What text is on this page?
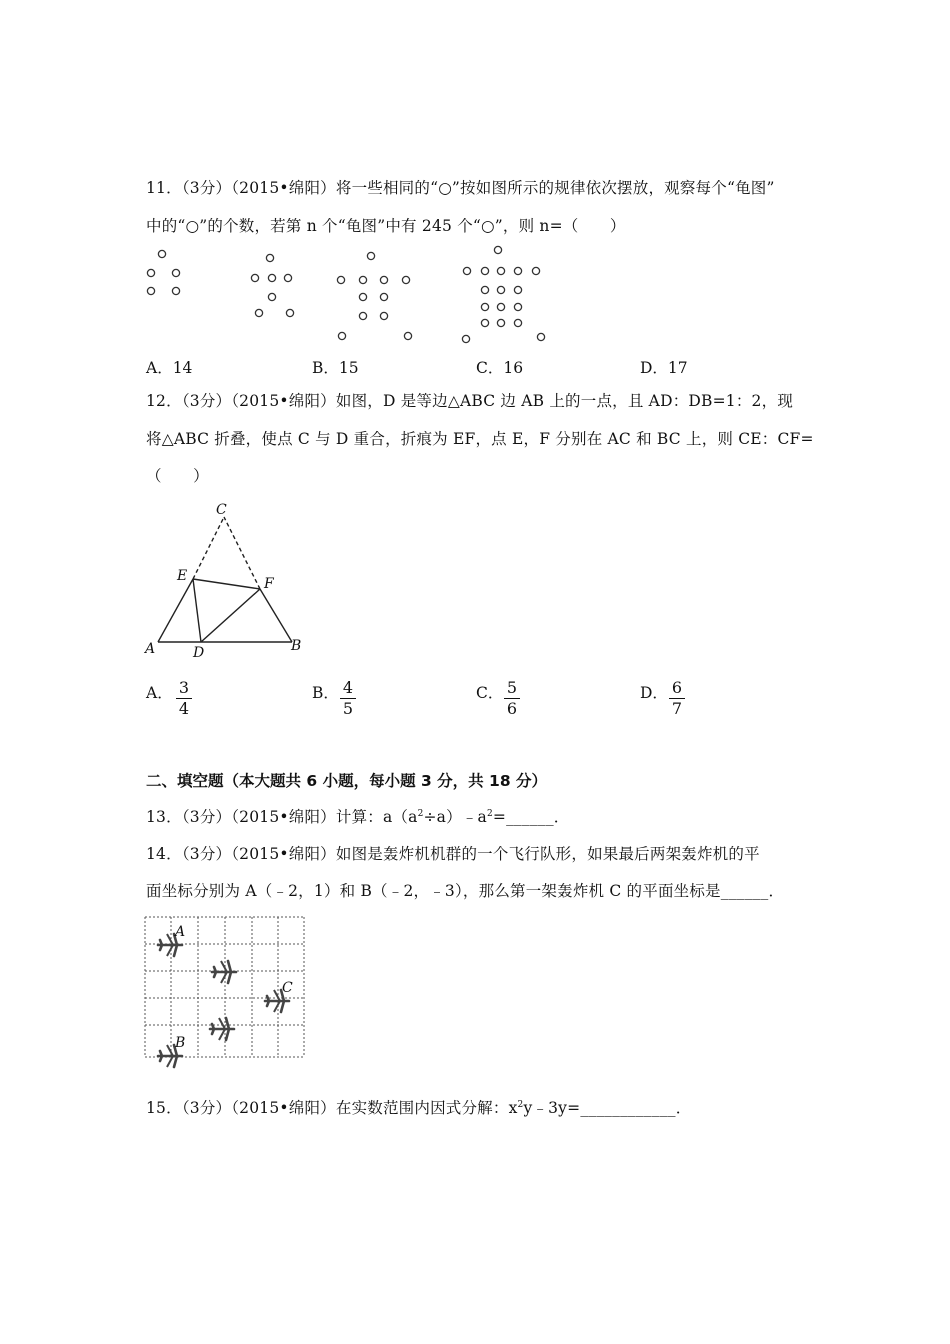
11．（3分）（2015•绵阳）将一些相同的“○”按如图所示的规律依次摆放，观察每个“龟图”
中的“○”的个数，若第 n 个“龟图”中有 245 个“○”，则 n=（　　）
A．14	B．15	C．16	D．17
12．（3分）（2015•绵阳）如图，D 是等边△ABC 边 AB 上的一点，且 AD：DB=1：2，现
将△ABC 折叠，使点 C 与 D 重合，折痕为 EF，点 E，F 分别在 AC 和 BC 上，则 CE：CF=
（　　）
C
E	F
A	D	B
A． 3
4
B． 4
5
C． 5
6
D． 6
7
二、填空题（本大题共 6 小题，每小题 3 分，共 18 分）
13．（3分）（2015•绵阳）计算：$a(a^2\div a)﹣a^2=\_\_\_\_\_\_$．
14．（3分）（2015•绵阳）如图是轰炸机机群的一个飞行队形，如果最后两架轰炸机的平
面坐标分别为 A（﹣2，1）和 B（﹣2，﹣3），那么第一架轰炸机 C 的平面坐标是______．
A
C
B
15．（3分）（2015•绵阳）在实数范围内因式分解：$x^2y﹣3y=\_\_\_\_\_\_\_\_\_\_\_\_$．
